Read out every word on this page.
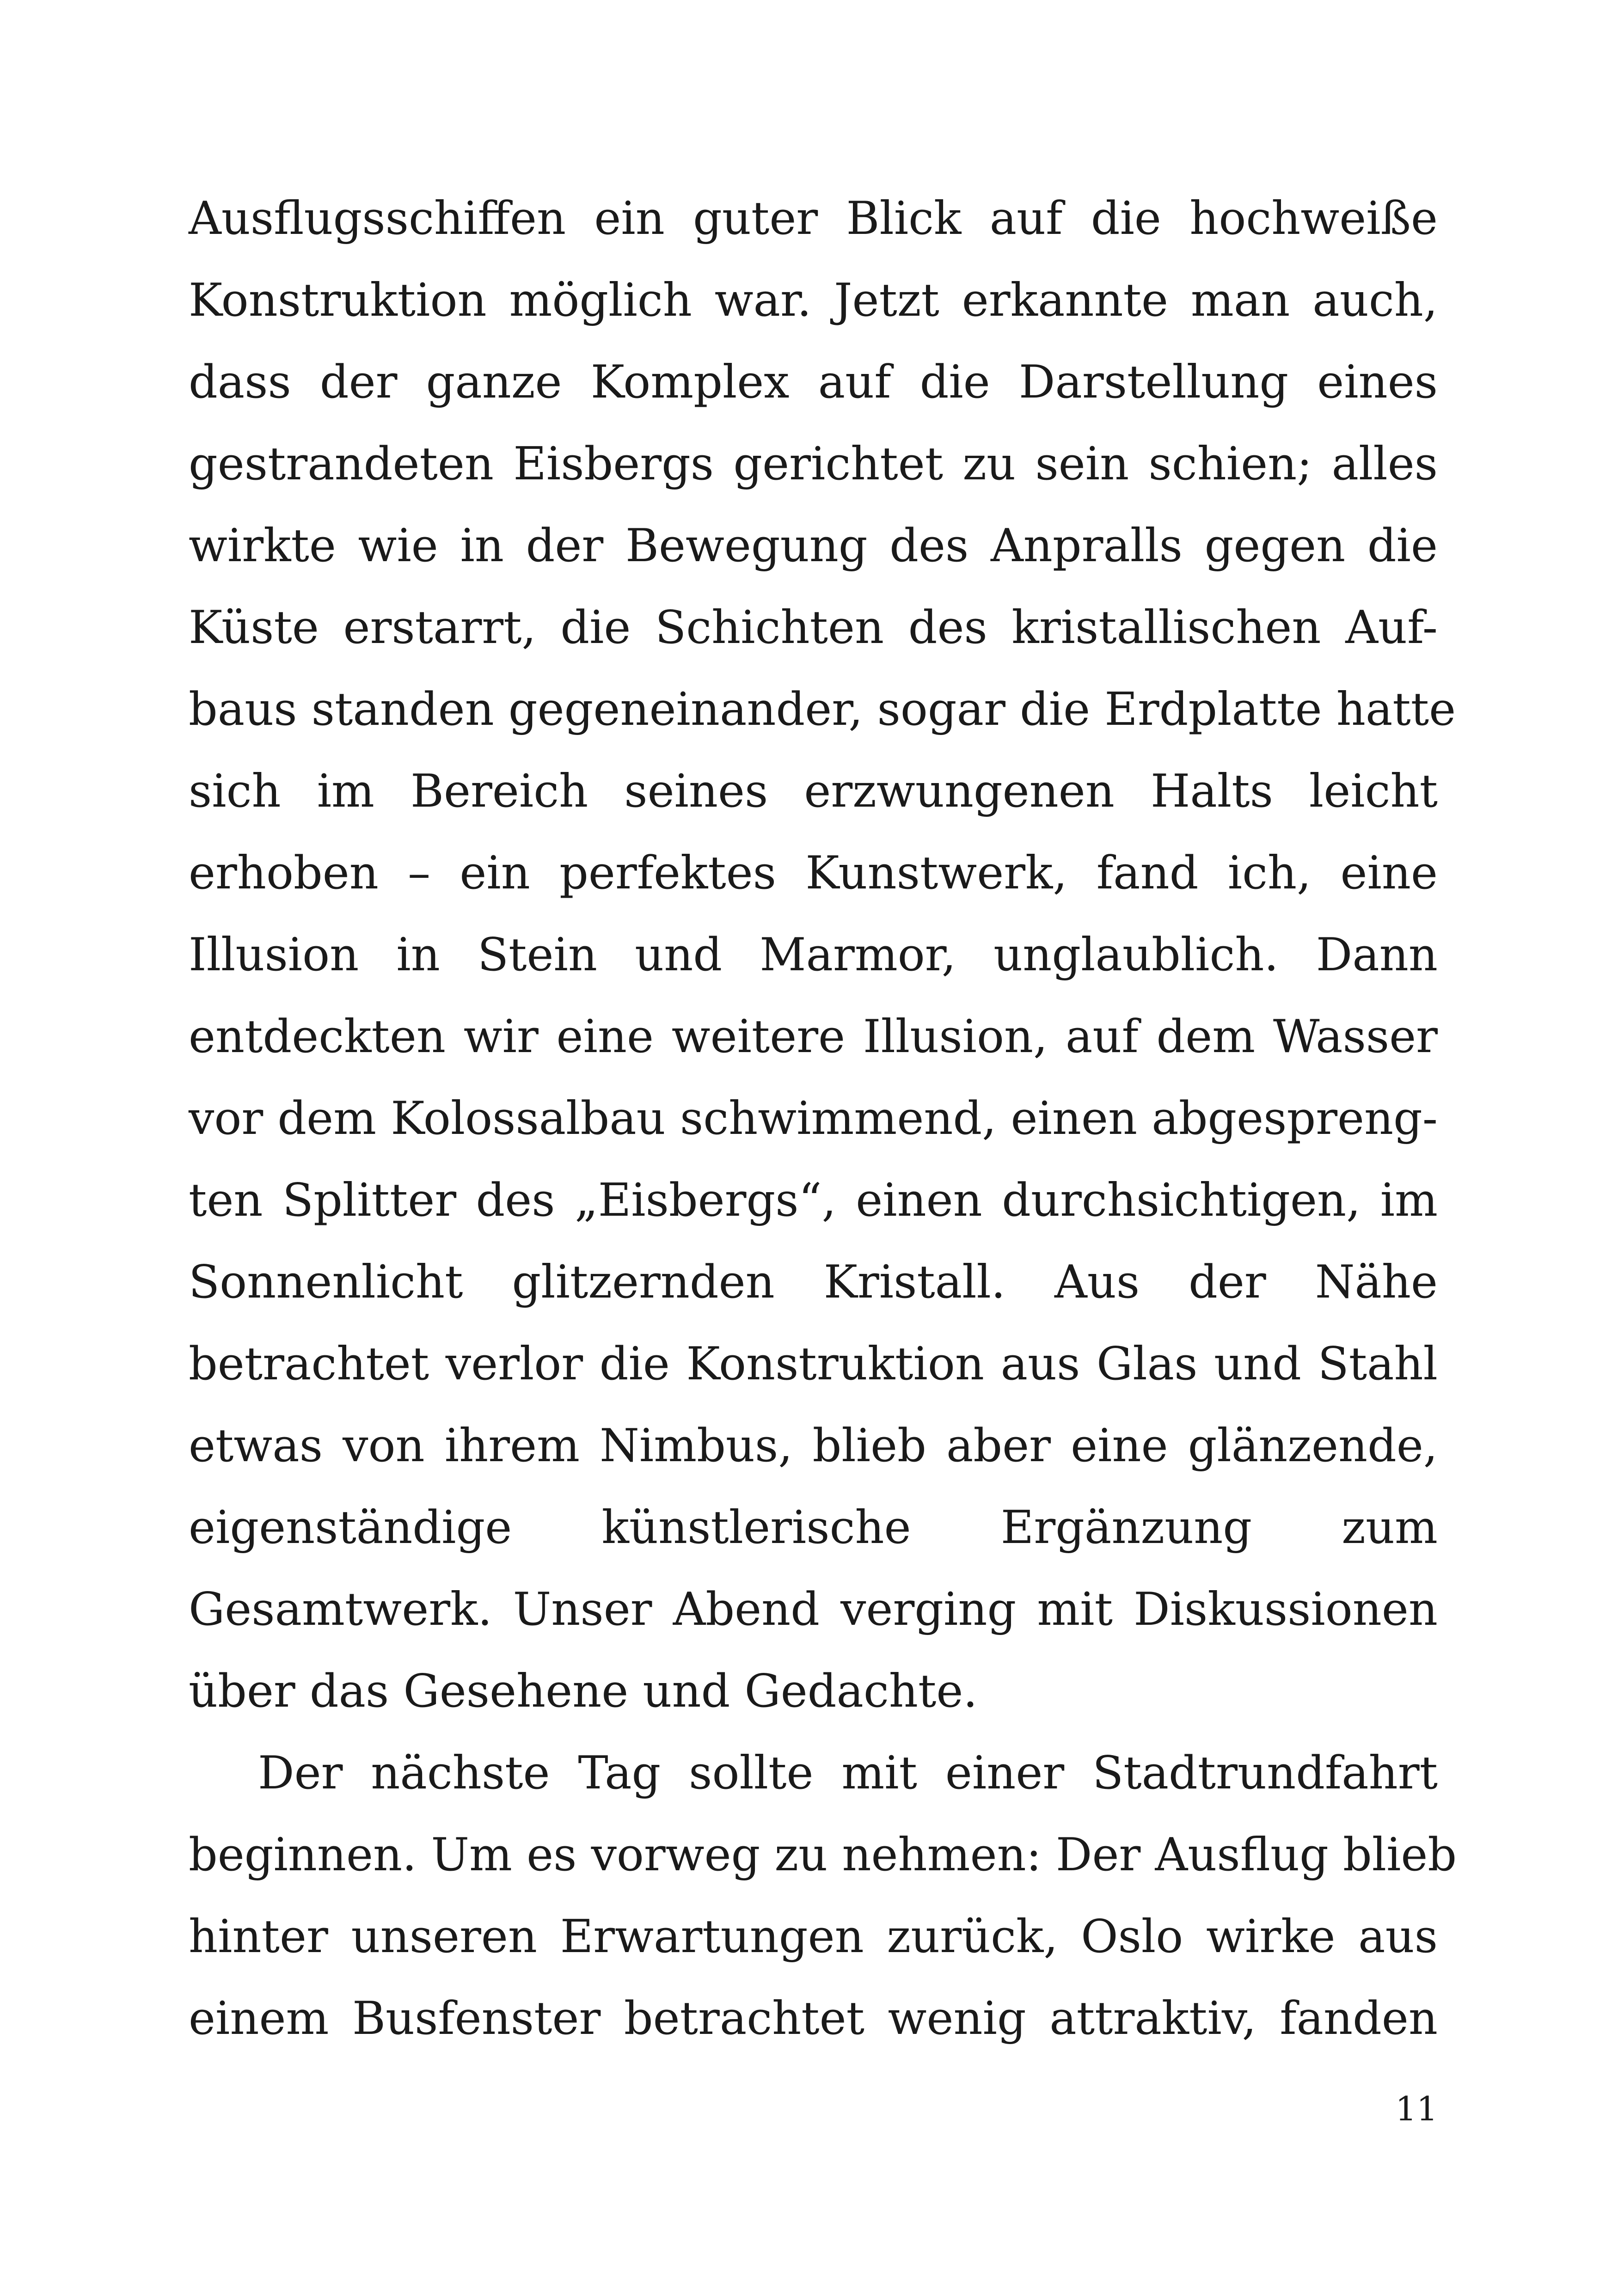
Ausflugsschiffen ein guter Blick auf die hochweiße
Konstruktion möglich war. Jetzt erkannte man auch,
dass der ganze Komplex auf die Darstellung eines
gestrandeten Eisbergs gerichtet zu sein schien; alles
wirkte wie in der Bewegung des Anpralls gegen die
Küste erstarrt, die Schichten des kristallischen Auf-
baus standen gegeneinander, sogar die Erdplatte hatte
sich im Bereich seines erzwungenen Halts leicht
erhoben – ein perfektes Kunstwerk, fand ich, eine
Illusion in Stein und Marmor, unglaublich. Dann
entdeckten wir eine weitere Illusion, auf dem Wasser
vor dem Kolossalbau schwimmend, einen abgespreng-
ten Splitter des „Eisbergs“, einen durchsichtigen, im
Sonnenlicht glitzernden Kristall. Aus der Nähe
betrachtet verlor die Konstruktion aus Glas und Stahl
etwas von ihrem Nimbus, blieb aber eine glänzende,
eigenständige künstlerische Ergänzung zum
Gesamtwerk. Unser Abend verging mit Diskussionen
über das Gesehene und Gedachte.
Der nächste Tag sollte mit einer Stadtrundfahrt
beginnen. Um es vorweg zu nehmen: Der Ausflug blieb
hinter unseren Erwartungen zurück, Oslo wirke aus
einem Busfenster betrachtet wenig attraktiv, fanden
11
